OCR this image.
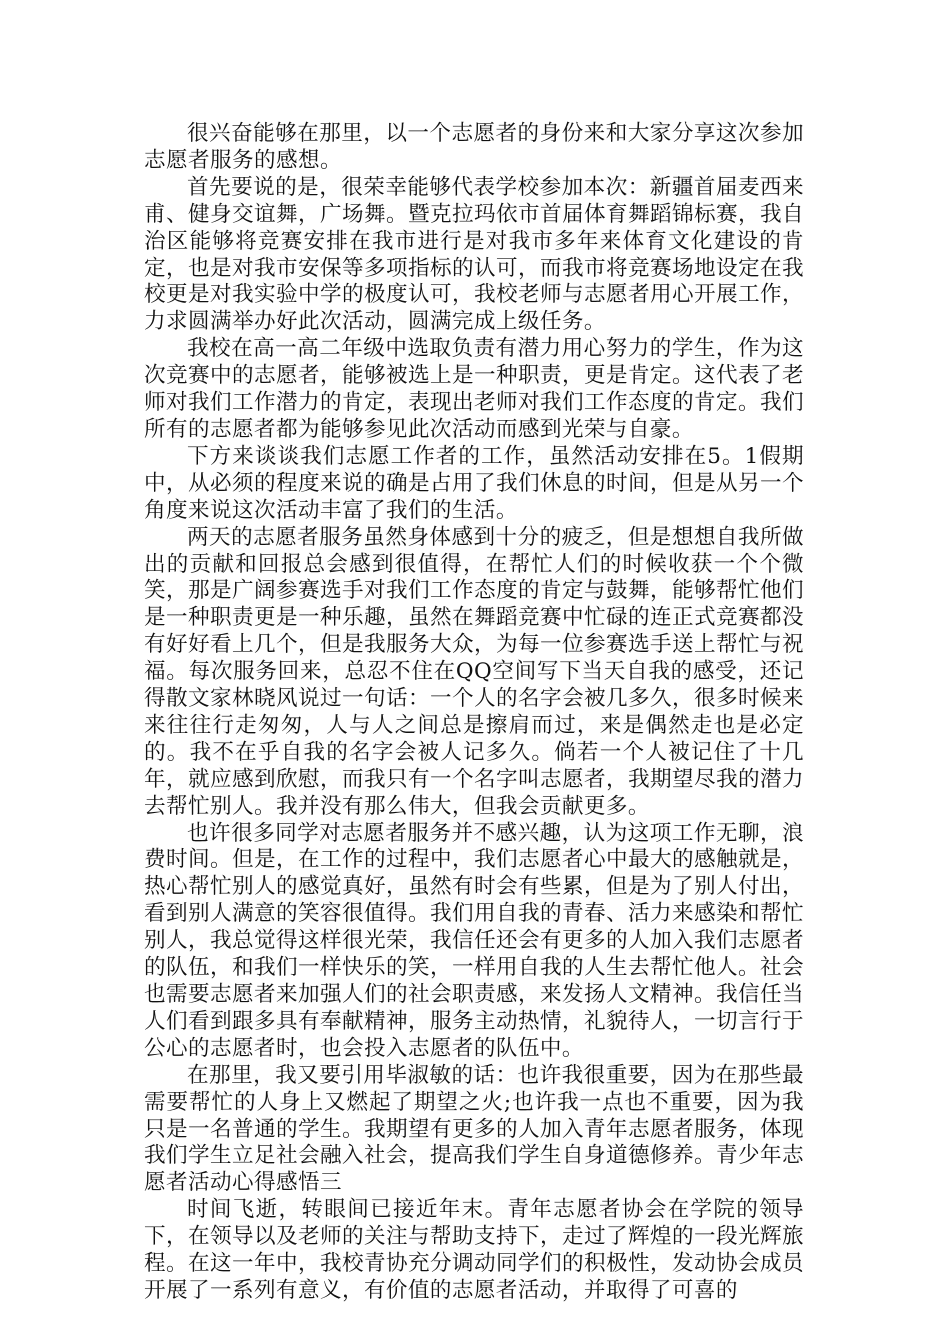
很兴奋能够在那里，以一个志愿者的身份来和大家分享这次参加志愿者服务的感想。

首先要说的是，很荣幸能够代表学校参加本次：新疆首届麦西来甫、健身交谊舞，广场舞。暨克拉玛依市首届体育舞蹈锦标赛，我自治区能够将竞赛安排在我市进行是对我市多年来体育文化建设的肯定，也是对我市安保等多项指标的认可，而我市将竞赛场地设定在我校更是对我实验中学的极度认可，我校老师与志愿者用心开展工作，力求圆满举办好此次活动，圆满完成上级任务。

我校在高一高二年级中选取负责有潜力用心努力的学生，作为这次竞赛中的志愿者，能够被选上是一种职责，更是肯定。这代表了老师对我们工作潜力的肯定，表现出老师对我们工作态度的肯定。我们所有的志愿者都为能够参见此次活动而感到光荣与自豪。

下方来谈谈我们志愿工作者的工作，虽然活动安排在5。1假期中，从必须的程度来说的确是占用了我们休息的时间，但是从另一个角度来说这次活动丰富了我们的生活。

两天的志愿者服务虽然身体感到十分的疲乏，但是想想自我所做出的贡献和回报总会感到很值得，在帮忙人们的时候收获一个个微笑，那是广阔参赛选手对我们工作态度的肯定与鼓舞，能够帮忙他们是一种职责更是一种乐趣，虽然在舞蹈竞赛中忙碌的连正式竞赛都没有好好看上几个，但是我服务大众，为每一位参赛选手送上帮忙与祝福。每次服务回来，总忍不住在QQ空间写下当天自我的感受，还记得散文家林晓风说过一句话：一个人的名字会被几多久，很多时候来来往往行走匆匆，人与人之间总是擦肩而过，来是偶然走也是必定的。我不在乎自我的名字会被人记多久。倘若一个人被记住了十几年，就应感到欣慰，而我只有一个名字叫志愿者，我期望尽我的潜力去帮忙别人。我并没有那么伟大，但我会贡献更多。

也许很多同学对志愿者服务并不感兴趣，认为这项工作无聊，浪费时间。但是，在工作的过程中，我们志愿者心中最大的感触就是，热心帮忙别人的感觉真好，虽然有时会有些累，但是为了别人付出，看到别人满意的笑容很值得。我们用自我的青春、活力来感染和帮忙别人，我总觉得这样很光荣，我信任还会有更多的人加入我们志愿者的队伍，和我们一样快乐的笑，一样用自我的人生去帮忙他人。社会也需要志愿者来加强人们的社会职责感，来发扬人文精神。我信任当人们看到跟多具有奉献精神，服务主动热情，礼貌待人，一切言行于公心的志愿者时，也会投入志愿者的队伍中。

在那里，我又要引用毕淑敏的话：也许我很重要，因为在那些最需要帮忙的人身上又燃起了期望之火;也许我一点也不重要，因为我只是一名普通的学生。我期望有更多的人加入青年志愿者服务，体现我们学生立足社会融入社会，提高我们学生自身道德修养。青少年志愿者活动心得感悟三

时间飞逝，转眼间已接近年末。青年志愿者协会在学院的领导下，在领导以及老师的关注与帮助支持下，走过了辉煌的一段光辉旅程。在这一年中，我校青协充分调动同学们的积极性，发动协会成员开展了一系列有意义，有价值的志愿者活动，并取得了可喜的
